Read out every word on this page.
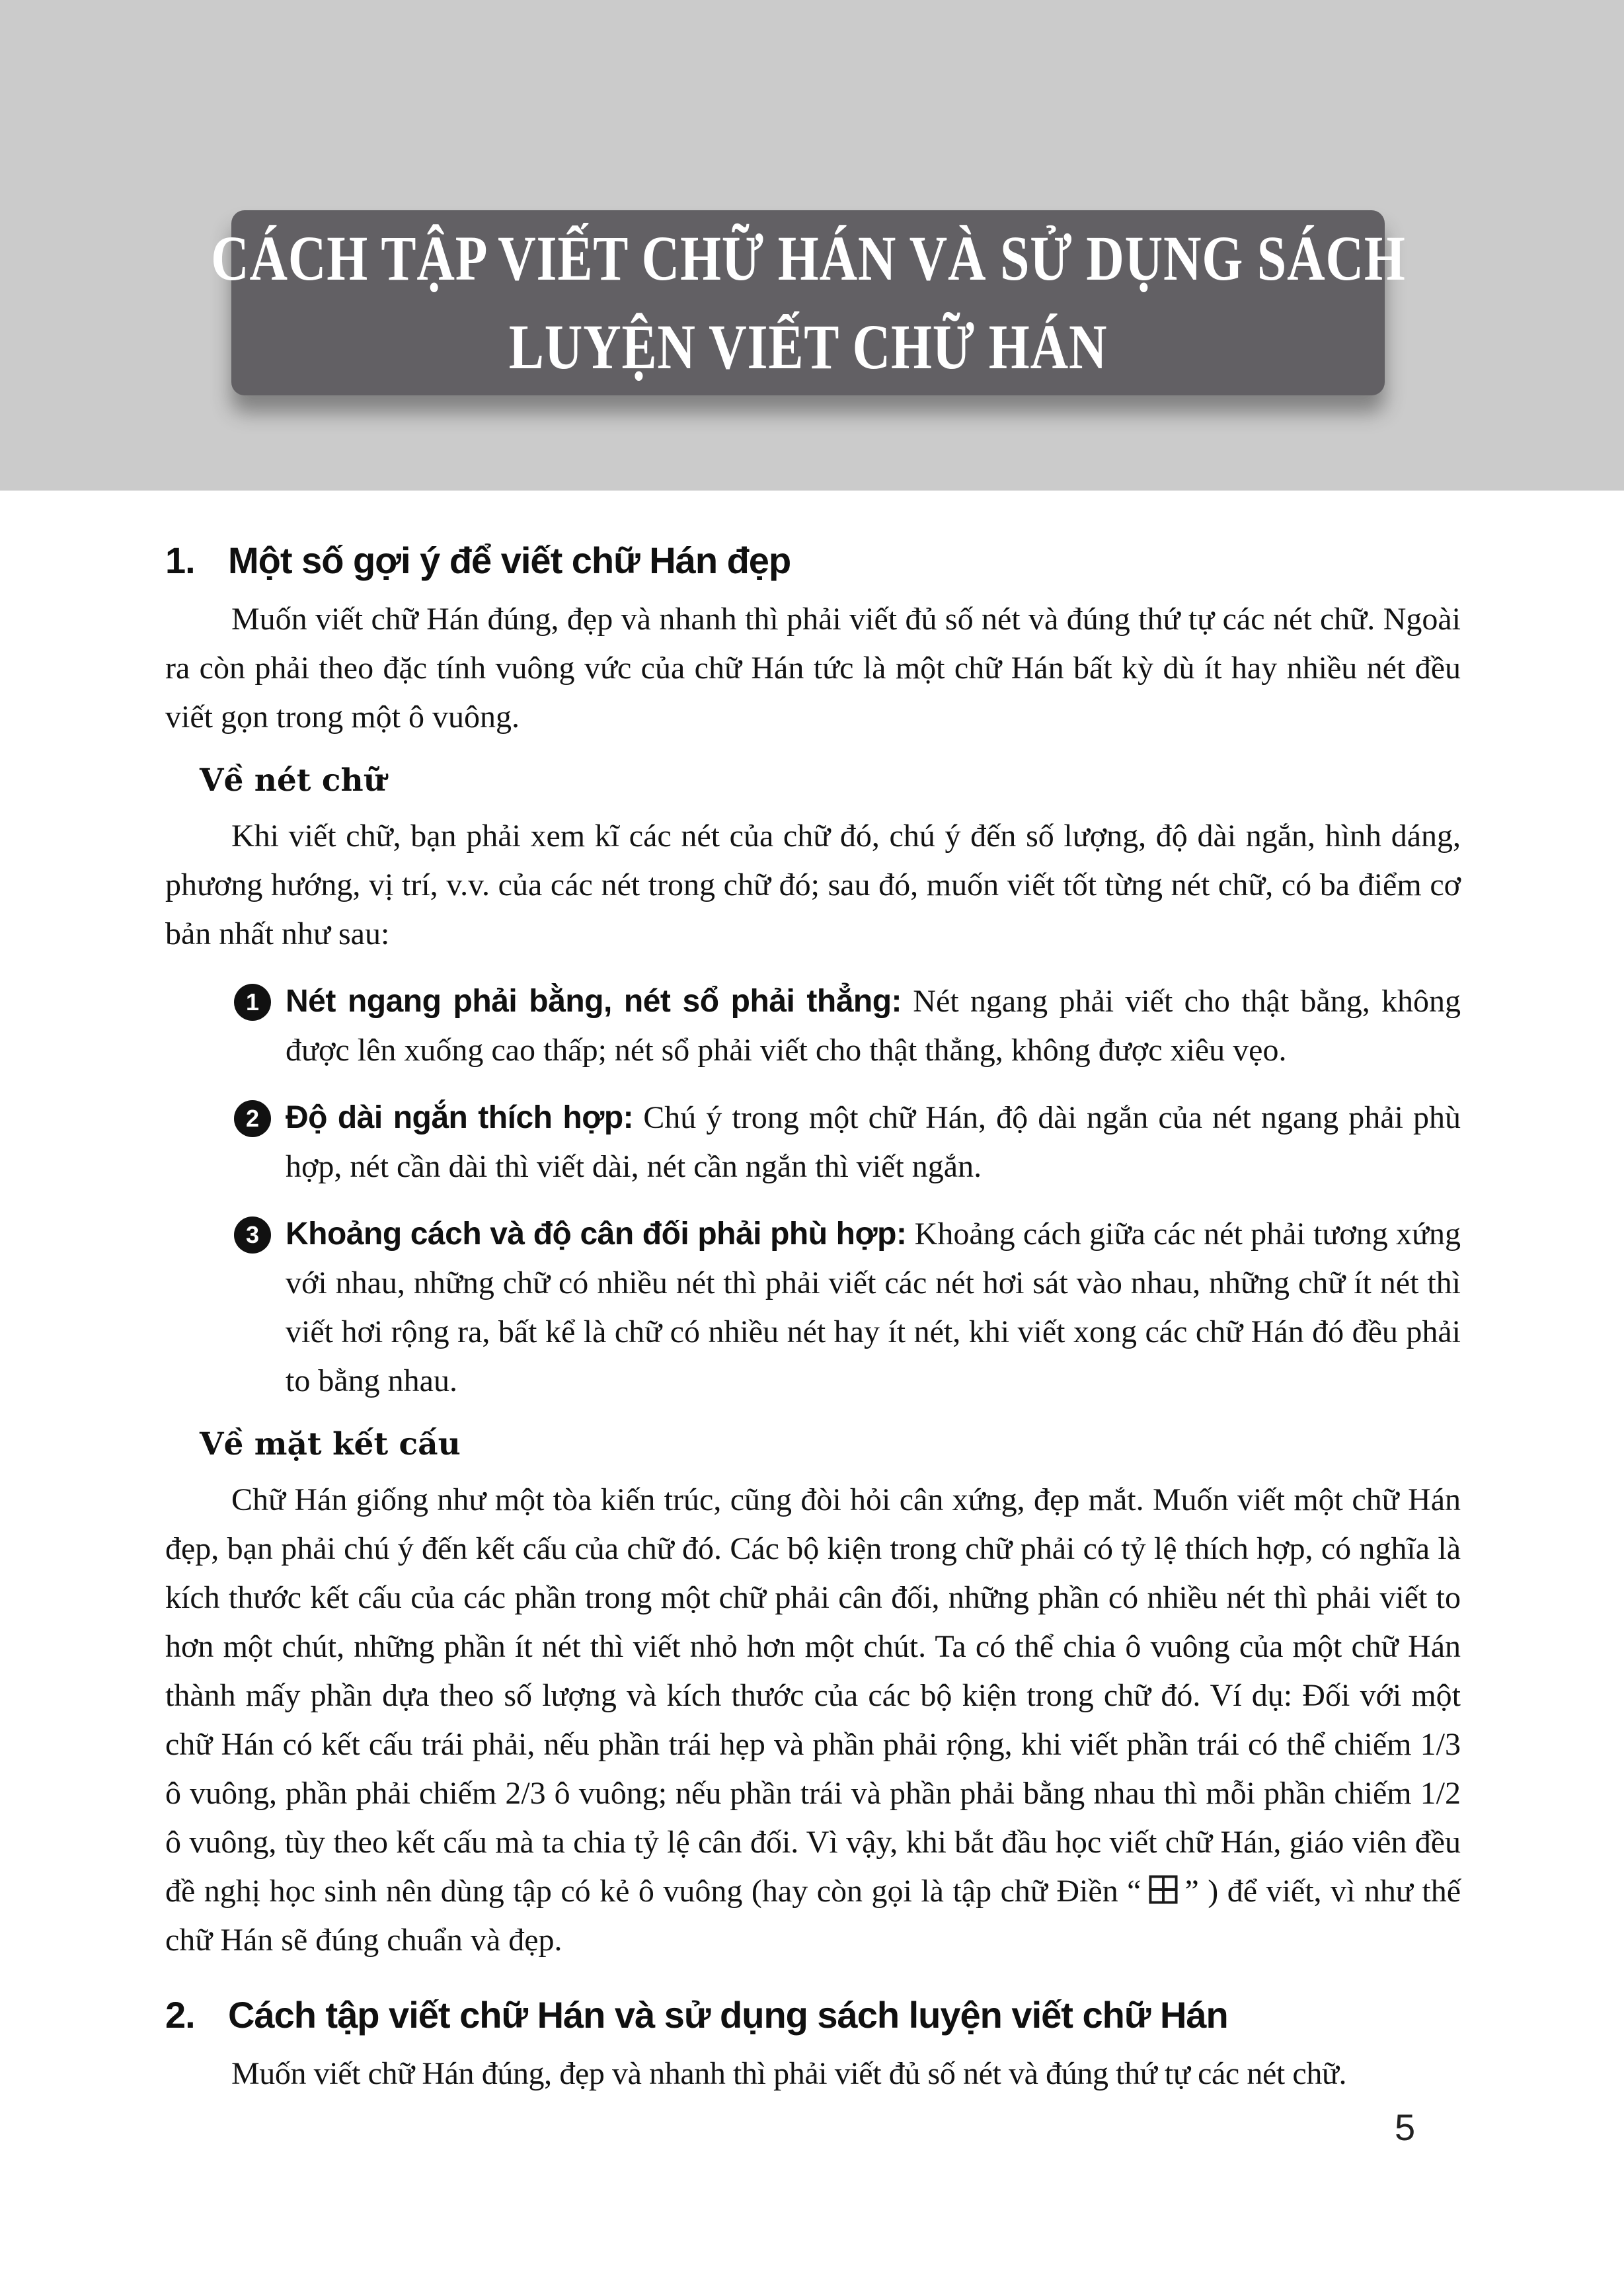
CÁCH TẬP VIẾT CHỮ HÁN VÀ SỬ DỤNG SÁCH
LUYỆN VIẾT CHỮ HÁN
1. Một số gợi ý để viết chữ Hán đẹp

Muốn viết chữ Hán đúng, đẹp và nhanh thì phải viết đủ số nét và đúng thứ tự các nét chữ. Ngoài ra còn phải theo đặc tính vuông vức của chữ Hán tức là một chữ Hán bất kỳ dù ít hay nhiều nét đều viết gọn trong một ô vuông.

Về nét chữ

Khi viết chữ, bạn phải xem kĩ các nét của chữ đó, chú ý đến số lượng, độ dài ngắn, hình dáng, phương hướng, vị trí, v.v. của các nét trong chữ đó; sau đó, muốn viết tốt từng nét chữ, có ba điểm cơ bản nhất như sau:

1 Nét ngang phải bằng, nét sổ phải thẳng: Nét ngang phải viết cho thật bằng, không được lên xuống cao thấp; nét sổ phải viết cho thật thẳng, không được xiêu vẹo.
2 Độ dài ngắn thích hợp: Chú ý trong một chữ Hán, độ dài ngắn của nét ngang phải phù hợp, nét cần dài thì viết dài, nét cần ngắn thì viết ngắn.
3 Khoảng cách và độ cân đối phải phù hợp: Khoảng cách giữa các nét phải tương xứng với nhau, những chữ có nhiều nét thì phải viết các nét hơi sát vào nhau, những chữ ít nét thì viết hơi rộng ra, bất kể là chữ có nhiều nét hay ít nét, khi viết xong các chữ Hán đó đều phải to bằng nhau.
Về mặt kết cấu

Chữ Hán giống như một tòa kiến trúc, cũng đòi hỏi cân xứng, đẹp mắt. Muốn viết một chữ Hán đẹp, bạn phải chú ý đến kết cấu của chữ đó. Các bộ kiện trong chữ phải có tỷ lệ thích hợp, có nghĩa là kích thước kết cấu của các phần trong một chữ phải cân đối, những phần có nhiều nét thì phải viết to hơn một chút, những phần ít nét thì viết nhỏ hơn một chút. Ta có thể chia ô vuông của một chữ Hán thành mấy phần dựa theo số lượng và kích thước của các bộ kiện trong chữ đó. Ví dụ: Đối với một chữ Hán có kết cấu trái phải, nếu phần trái hẹp và phần phải rộng, khi viết phần trái có thể chiếm 1/3 ô vuông, phần phải chiếm 2/3 ô vuông; nếu phần trái và phần phải bằng nhau thì mỗi phần chiếm 1/2 ô vuông, tùy theo kết cấu mà ta chia tỷ lệ cân đối. Vì vậy, khi bắt đầu học viết chữ Hán, giáo viên đều đề nghị học sinh nên dùng tập có kẻ ô vuông (hay còn gọi là tập chữ Điền “ ” ) để viết, vì như thế chữ Hán sẽ đúng chuẩn và đẹp.

2. Cách tập viết chữ Hán và sử dụng sách luyện viết chữ Hán

Muốn viết chữ Hán đúng, đẹp và nhanh thì phải viết đủ số nét và đúng thứ tự các nét chữ.

5
